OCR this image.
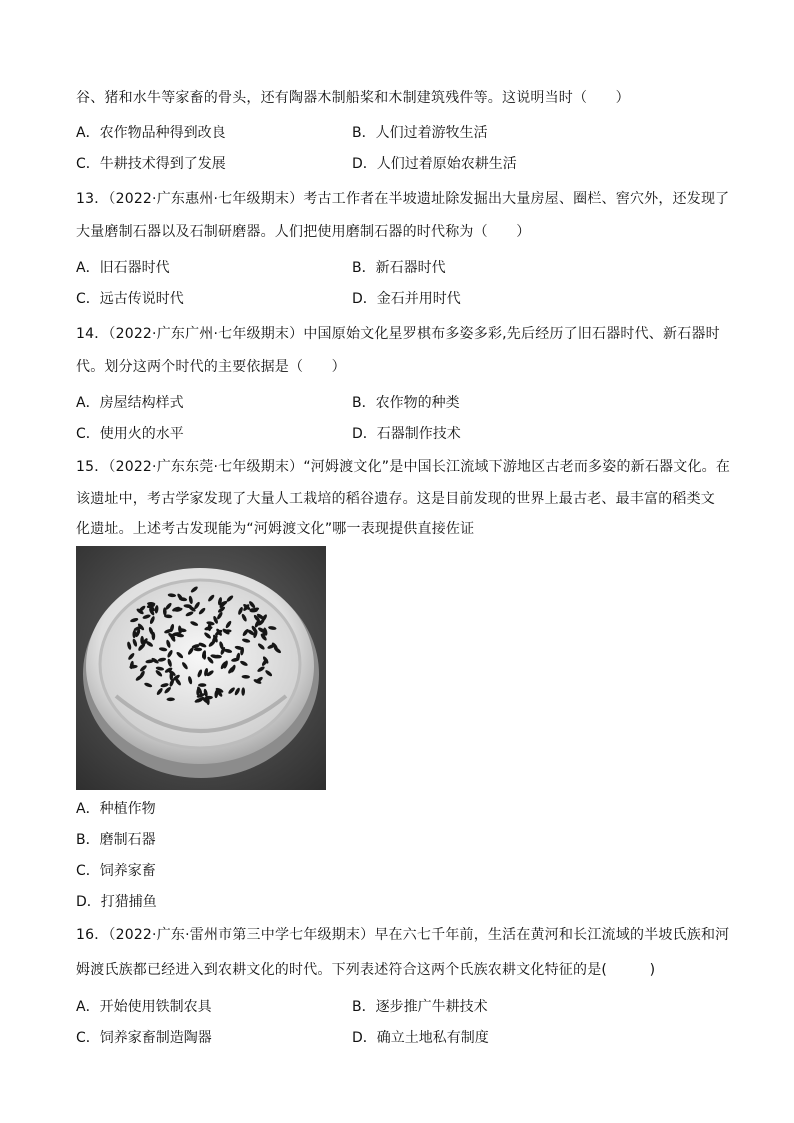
谷、猪和水牛等家畜的骨头，还有陶器木制船桨和木制建筑残件等。这说明当时（　　）
A．农作物品种得到改良	B．人们过着游牧生活
C．牛耕技术得到了发展	D．人们过着原始农耕生活
13．（2022·广东惠州·七年级期末）考古工作者在半坡遗址除发掘出大量房屋、圈栏、窖穴外，还发现了
大量磨制石器以及石制研磨器。人们把使用磨制石器的时代称为（　　）
A．旧石器时代	B．新石器时代
C．远古传说时代	D．金石并用时代
14．（2022·广东广州·七年级期末）中国原始文化星罗棋布多姿多彩,先后经历了旧石器时代、新石器时
代。划分这两个时代的主要依据是（　　）
A．房屋结构样式	B．农作物的种类
C．使用火的水平	D．石器制作技术
15．（2022·广东东莞·七年级期末）“河姆渡文化”是中国长江流域下游地区古老而多姿的新石器文化。在
该遗址中，考古学家发现了大量人工栽培的稻谷遗存。这是目前发现的世界上最古老、最丰富的稻类文
化遗址。上述考古发现能为“河姆渡文化”哪一表现提供直接佐证
A．种植作物
B．磨制石器
C．饲养家畜
D．打猎捕鱼
16．（2022·广东·雷州市第三中学七年级期末）早在六七千年前，生活在黄河和长江流域的半坡氏族和河
姆渡氏族都已经进入到农耕文化的时代。下列表述符合这两个氏族农耕文化特征的是(　　　)
A．开始使用铁制农具	B．逐步推广牛耕技术
C．饲养家畜制造陶器	D．确立土地私有制度
